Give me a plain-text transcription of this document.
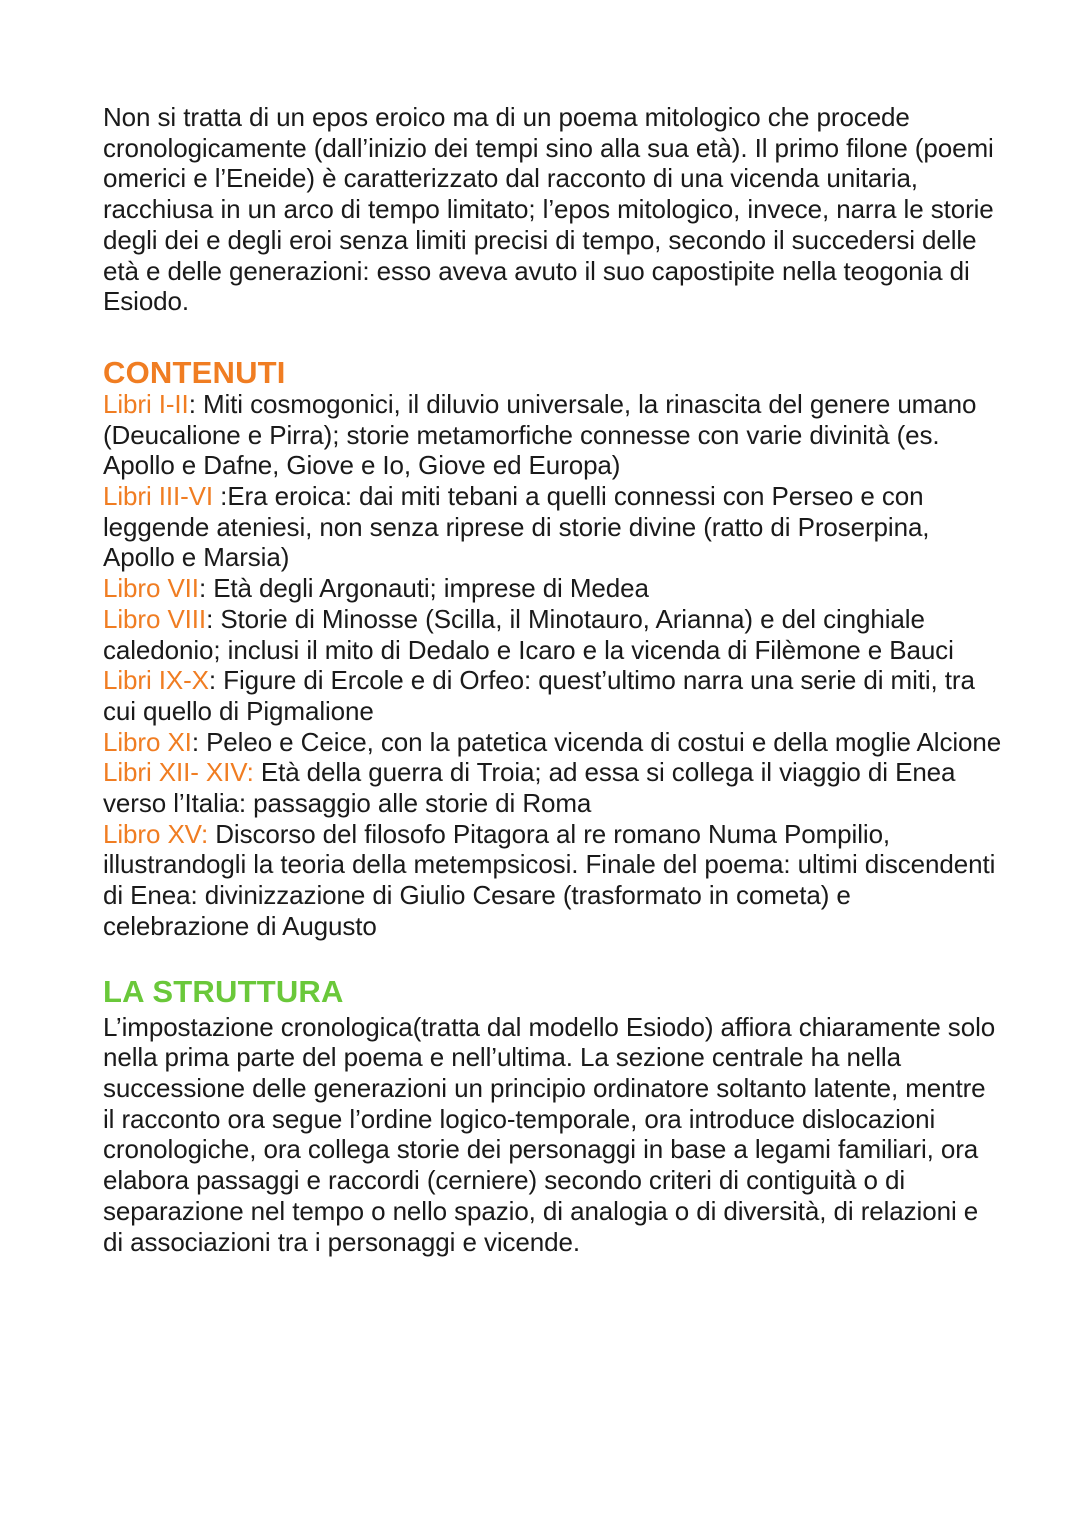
Non si tratta di un epos eroico ma di un poema mitologico che procede cronologicamente (dall’inizio dei tempi sino alla sua età). Il primo filone (poemi omerici e l’Eneide) è caratterizzato dal racconto di una vicenda unitaria, racchiusa in un arco di tempo limitato; l’epos mitologico, invece, narra le storie degli dei e degli eroi senza limiti precisi di tempo, secondo il succedersi delle età e delle generazioni: esso aveva avuto il suo capostipite nella teogonia di Esiodo.

CONTENUTI

Libri I-II: Miti cosmogonici, il diluvio universale, la rinascita del genere umano (Deucalione e Pirra); storie metamorfiche connesse con varie divinità (es. Apollo e Dafne, Giove e Io, Giove ed Europa)

Libri III-VI :Era eroica: dai miti tebani a quelli connessi con Perseo e con leggende ateniesi, non senza riprese di storie divine (ratto di Proserpina, Apollo e Marsia)

Libro VII: Età degli Argonauti; imprese di Medea

Libro VIII: Storie di Minosse (Scilla, il Minotauro, Arianna) e del cinghiale caledonio; inclusi il mito di Dedalo e Icaro e la vicenda di Filèmone e Bauci

Libri IX-X: Figure di Ercole e di Orfeo: quest’ultimo narra una serie di miti, tra cui quello di Pigmalione

Libro XI: Peleo e Ceice, con la patetica vicenda di costui e della moglie Alcione

Libri XII- XIV: Età della guerra di Troia; ad essa si collega il viaggio di Enea verso l’Italia: passaggio alle storie di Roma

Libro XV: Discorso del filosofo Pitagora al re romano Numa Pompilio, illustrandogli la teoria della metempsicosi. Finale del poema: ultimi discendenti di Enea: divinizzazione di Giulio Cesare (trasformato in cometa) e celebrazione di Augusto

LA STRUTTURA

L’impostazione cronologica(tratta dal modello Esiodo) affiora chiaramente solo nella prima parte del poema e nell’ultima. La sezione centrale ha nella successione delle generazioni un principio ordinatore soltanto latente, mentre il racconto ora segue l’ordine logico-temporale, ora introduce dislocazioni cronologiche, ora collega storie dei personaggi in base a legami familiari, ora elabora passaggi e raccordi (cerniere) secondo criteri di contiguità o di separazione nel tempo o nello spazio, di analogia o di diversità, di relazioni e di associazioni tra i personaggi e vicende.
